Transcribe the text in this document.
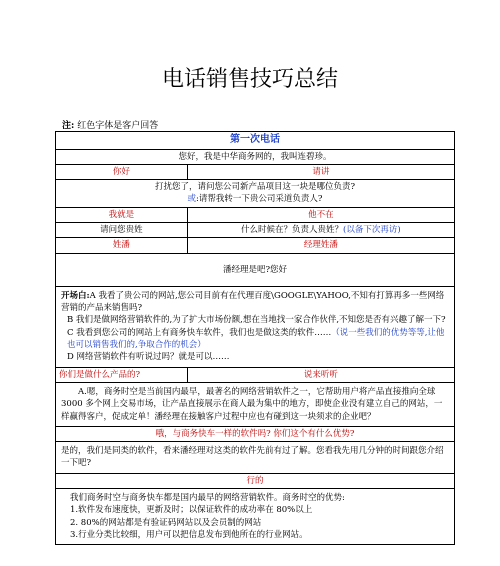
电话销售技巧总结
注: 红色字体是客户回答
第一次电话	
您好，我是中华商务网的，我叫连碧珍。	
你好	请讲

打扰您了，请问您公司新产品项目这一块是哪位负责?
或:请帮我转一下贵公司采道负责人?	

我就是	他不在
请问您贵姓	什么时候在？负责人贵姓？(以备下次再访)
姓潘	经理姓潘
潘经理是吧?您好	

开场白:A 我看了贵公司的网站,您公司目前有在代理百度\GOOGLE\YAHOO,不知有打算再多一些网络营销的产品来销售吗?
B 我们是做网络营销软件的,为了扩大市场份额,想在当地找一家合作伙伴,不知您是否有兴趣了解一下?
C 我看到您公司的网站上有商务快车软件，我们也是做这类的软件……（说一些我们的优势等等,让他也可以销售我们的,争取合作的机会）
D 网络营销软件有听说过吗？就是可以……	

你们是做什么产品的?	说来听听
A.嗯，商务时空是当前国内最早，最著名的网络营销软件之一，它帮助用户将产品直接推向全球 3000 多个网上交易市场，让产品直接展示在商人最为集中的地方，即使企业没有建立自己的网站，一样赢得客户，促成定单！潘经理在接触客户过程中应也有碰到这一块须求的企业吧？	
哦，与商务快车一样的软件吗? 你们这个有什么优势?	
是的，我们是同类的软件，看来潘经理对这类的软件先前有过了解。您看我先用几分钟的时间跟您介绍一下吧?	
行的	

我们商务时空与商务快车都是国内最早的网络营销软件。商务时空的优势:
1.软件发布速度快，更新及时；以保证软件的成功率在 80%以上
2. 80%的网站都是有验证码网站以及会员制的网站
3.行业分类比较细，用户可以把信息发布到他所在的行业网站。	
